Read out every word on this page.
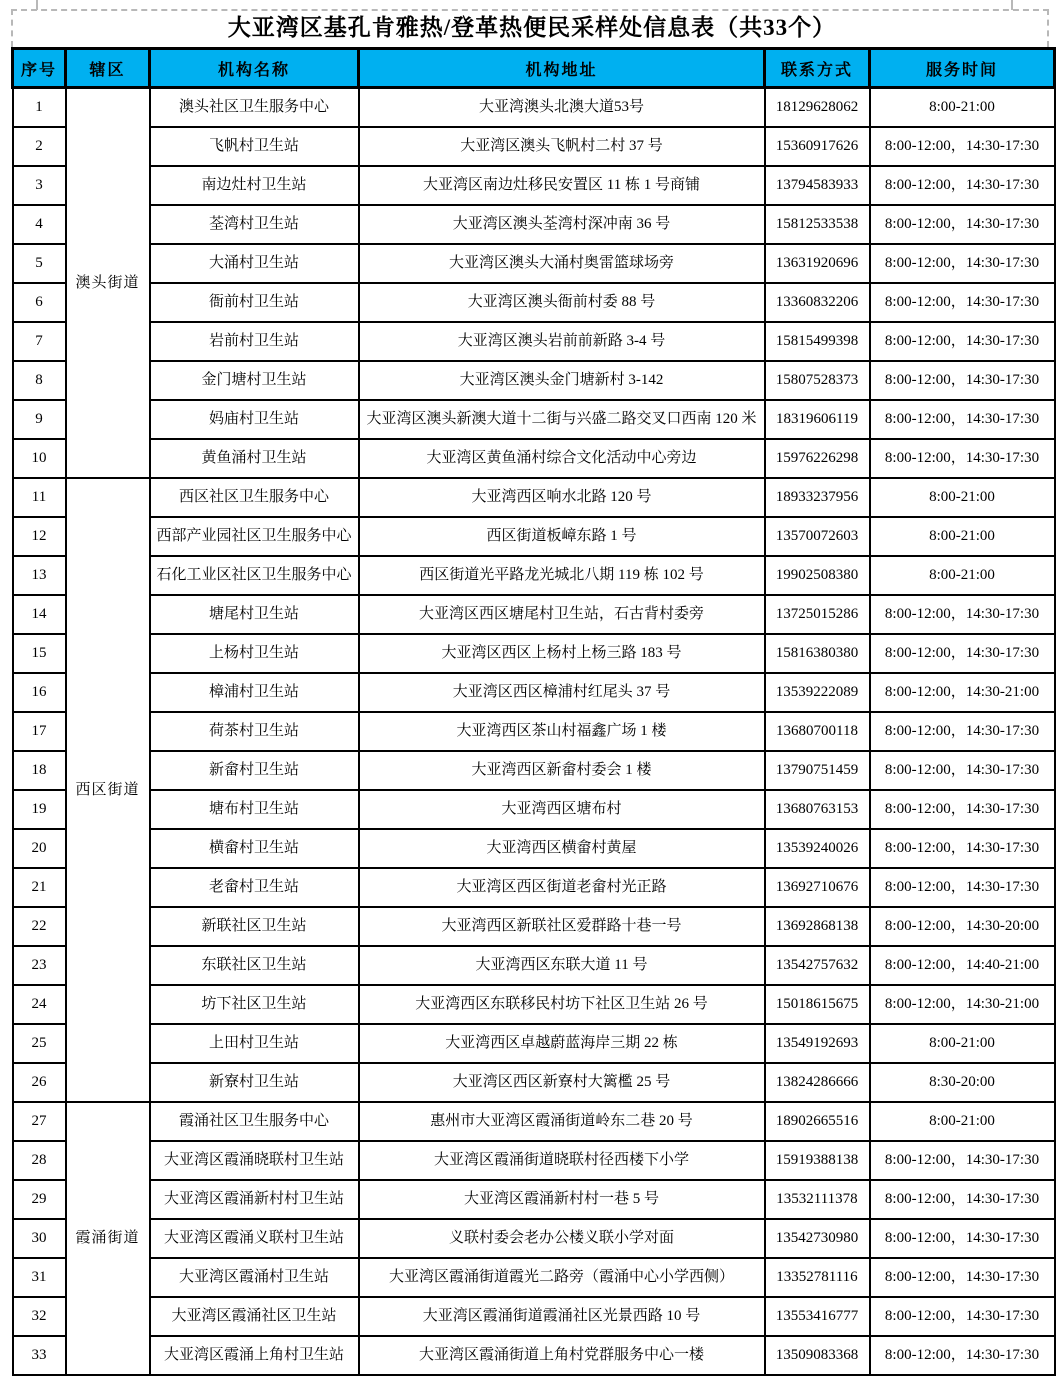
大亚湾区基孔肯雅热/登革热便民采样处信息表（共33个）
序号	辖区	机构名称	机构地址	联系方式	服务时间
1	澳头街道	澳头社区卫生服务中心	大亚湾澳头北澳大道53号	18129628062	8:00-21:00
2		飞帆村卫生站	大亚湾区澳头飞帆村二村 37 号	15360917626	8:00-12:00，14:30-17:30
3		南边灶村卫生站	大亚湾区南边灶移民安置区 11 栋 1 号商铺	13794583933	8:00-12:00，14:30-17:30
4		荃湾村卫生站	大亚湾区澳头荃湾村深冲南 36 号	15812533538	8:00-12:00，14:30-17:30
5		大涌村卫生站	大亚湾区澳头大涌村奥雷篮球场旁	13631920696	8:00-12:00，14:30-17:30
6		衙前村卫生站	大亚湾区澳头衙前村委 88 号	13360832206	8:00-12:00，14:30-17:30
7		岩前村卫生站	大亚湾区澳头岩前前新路 3-4 号	15815499398	8:00-12:00，14:30-17:30
8		金门塘村卫生站	大亚湾区澳头金门塘新村 3-142	15807528373	8:00-12:00，14:30-17:30
9		妈庙村卫生站	大亚湾区澳头新澳大道十二街与兴盛二路交叉口西南 120 米	18319606119	8:00-12:00，14:30-17:30
10		黄鱼涌村卫生站	大亚湾区黄鱼涌村综合文化活动中心旁边	15976226298	8:00-12:00，14:30-17:30
11	西区街道	西区社区卫生服务中心	大亚湾西区响水北路 120 号	18933237956	8:00-21:00
12		西部产业园社区卫生服务中心	西区街道板嶂东路 1 号	13570072603	8:00-21:00
13		石化工业区社区卫生服务中心	西区街道光平路龙光城北八期 119 栋 102 号	19902508380	8:00-21:00
14		塘尾村卫生站	大亚湾区西区塘尾村卫生站，石古背村委旁	13725015286	8:00-12:00，14:30-17:30
15		上杨村卫生站	大亚湾区西区上杨村上杨三路 183 号	15816380380	8:00-12:00，14:30-17:30
16		樟浦村卫生站	大亚湾区西区樟浦村红尾头 37 号	13539222089	8:00-12:00，14:30-21:00
17		荷茶村卫生站	大亚湾西区茶山村福鑫广场 1 楼	13680700118	8:00-12:00，14:30-17:30
18		新畲村卫生站	大亚湾西区新畲村委会 1 楼	13790751459	8:00-12:00，14:30-17:30
19		塘布村卫生站	大亚湾西区塘布村	13680763153	8:00-12:00，14:30-17:30
20		横畲村卫生站	大亚湾西区横畲村黄屋	13539240026	8:00-12:00，14:30-17:30
21		老畲村卫生站	大亚湾区西区街道老畲村光正路	13692710676	8:00-12:00，14:30-17:30
22		新联社区卫生站	大亚湾西区新联社区爱群路十巷一号	13692868138	8:00-12:00，14:30-20:00
23		东联社区卫生站	大亚湾西区东联大道 11 号	13542757632	8:00-12:00，14:40-21:00
24		坊下社区卫生站	大亚湾西区东联移民村坊下社区卫生站 26 号	15018615675	8:00-12:00，14:30-21:00
25		上田村卫生站	大亚湾西区卓越蔚蓝海岸三期 22 栋	13549192693	8:00-21:00
26		新寮村卫生站	大亚湾区西区新寮村大篱檻 25 号	13824286666	8:30-20:00
27	霞涌街道	霞涌社区卫生服务中心	惠州市大亚湾区霞涌街道岭东二巷 20 号	18902665516	8:00-21:00
28		大亚湾区霞涌晓联村卫生站	大亚湾区霞涌街道晓联村径西楼下小学	15919388138	8:00-12:00，14:30-17:30
29		大亚湾区霞涌新村村卫生站	大亚湾区霞涌新村村一巷 5 号	13532111378	8:00-12:00，14:30-17:30
30		大亚湾区霞涌义联村卫生站	义联村委会老办公楼义联小学对面	13542730980	8:00-12:00，14:30-17:30
31		大亚湾区霞涌村卫生站	大亚湾区霞涌街道霞光二路旁（霞涌中心小学西侧）	13352781116	8:00-12:00，14:30-17:30
32		大亚湾区霞涌社区卫生站	大亚湾区霞涌街道霞涌社区光景西路 10 号	13553416777	8:00-12:00，14:30-17:30
33		大亚湾区霞涌上角村卫生站	大亚湾区霞涌街道上角村党群服务中心一楼	13509083368	8:00-12:00，14:30-17:30
